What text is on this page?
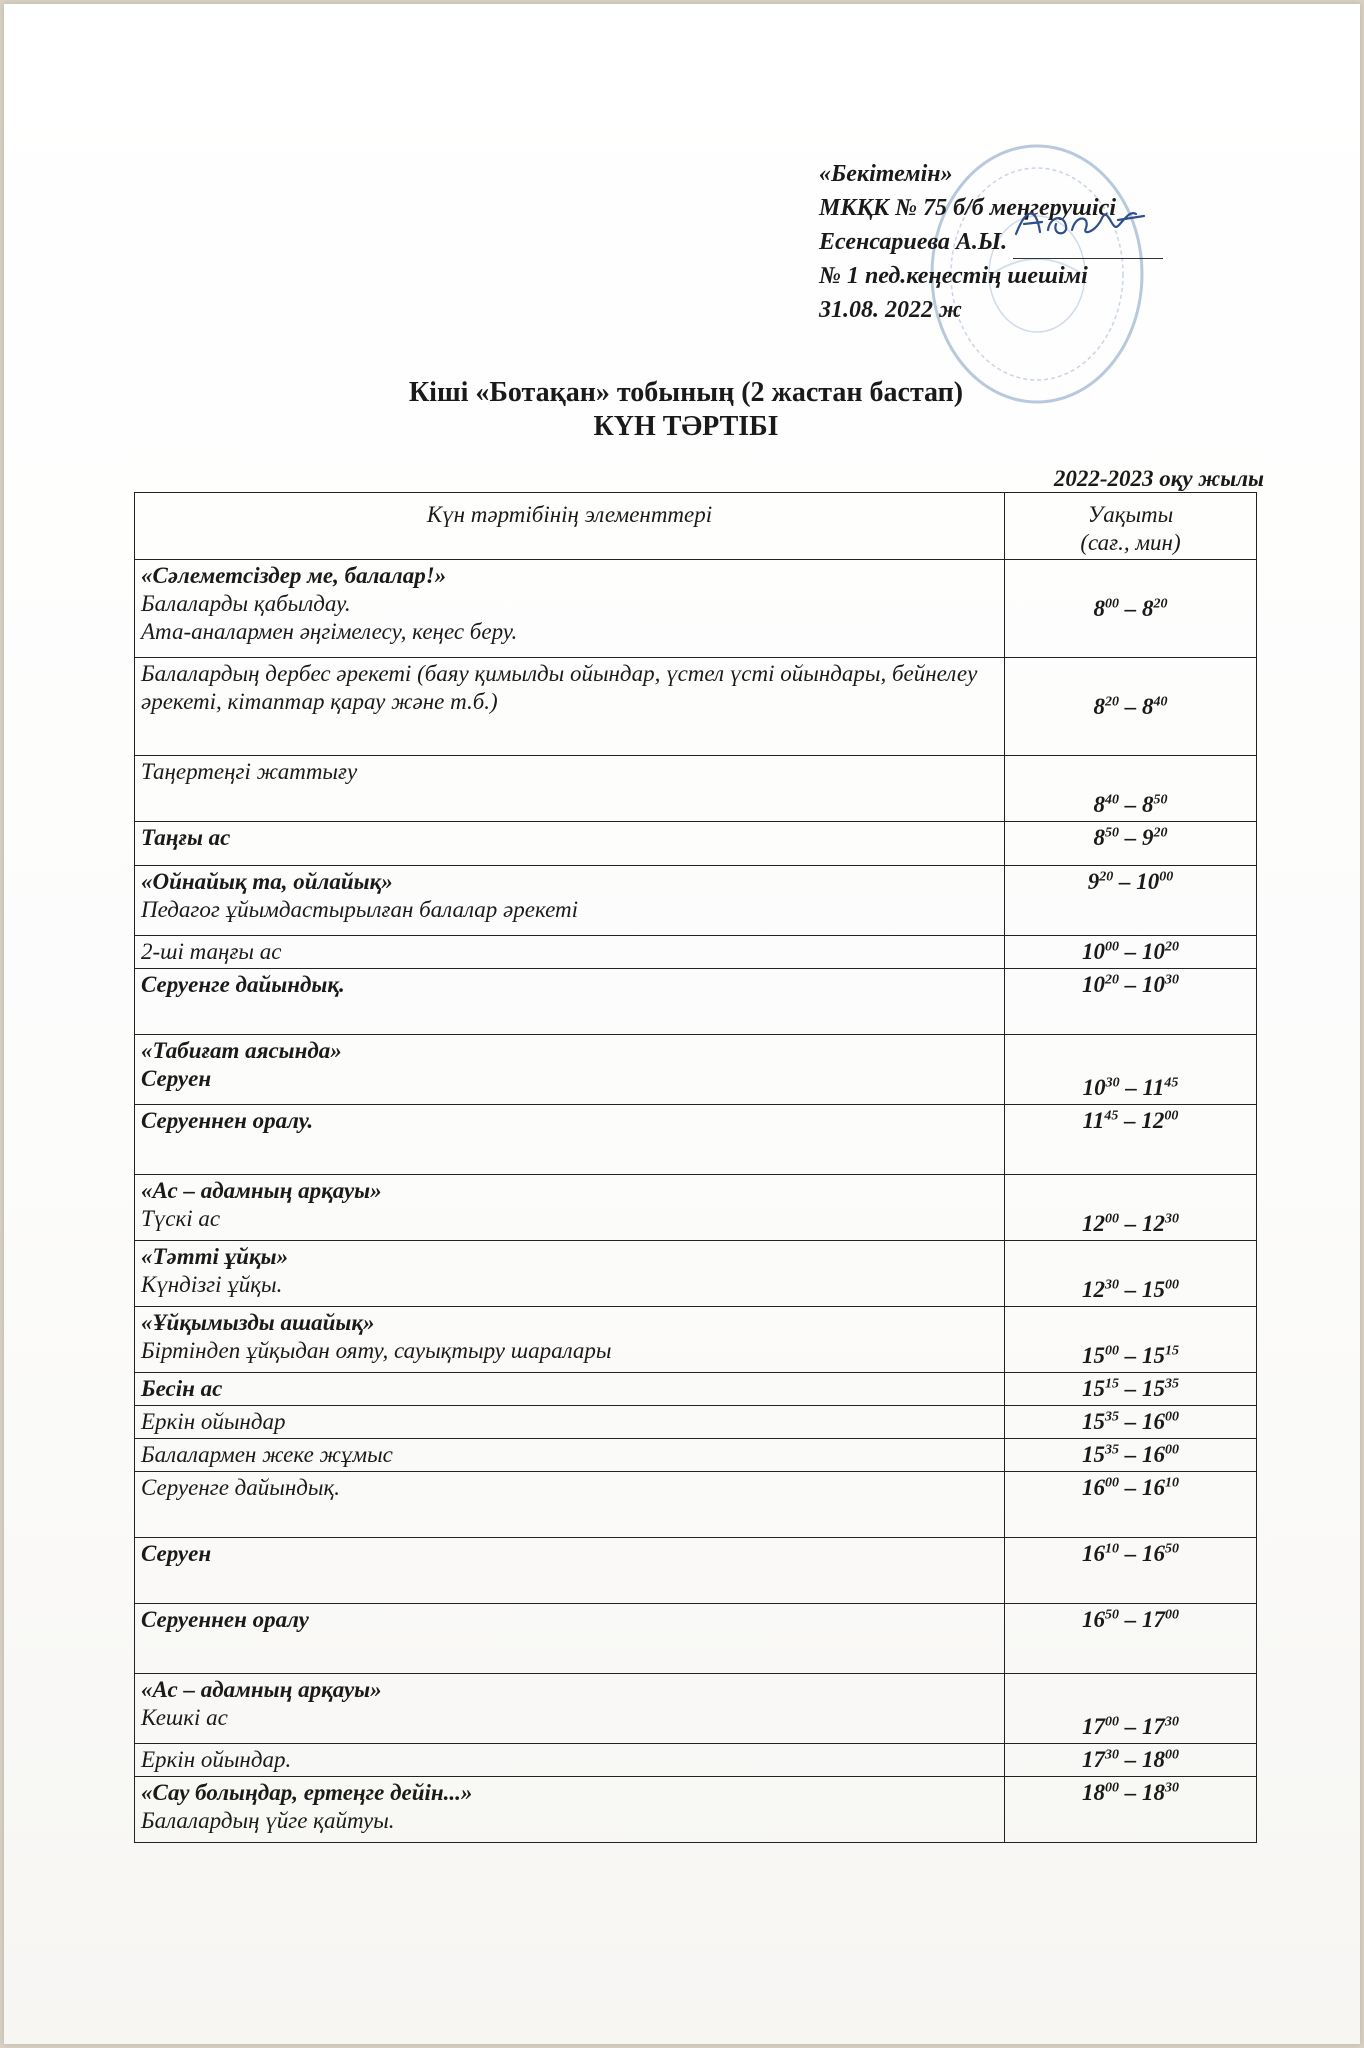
«Бекітемін»
МКҚК № 75 б/б меңгерушісі
Есенсариева А.Ы.
№ 1 пед.кеңестің шешімі
31.08. 2022 ж
Кіші «Ботақан» тобының (2 жастан бастап)
КҮН ТӘРТІБІ
2022-2023 оқу жылы
Күн тәртібінің элементтері	Уақыты
(сағ., мин)

«Сәлеметсіздер ме, балалар!»
Балаларды қабылдау.
Ата-аналармен әңгімелесу, кеңес беру.	$8^{00} - 8^{20}$

Балалардың дербес әрекеті (баяу қимылды ойындар, үстел үсті ойындары, бейнелеу әрекеті, кітаптар қарау және т.б.)	$8^{20} - 8^{40}$

Таңертеңгі жаттығу	$8^{40} - 8^{50}$

Таңғы ас	$8^{50} - 9^{20}$

«Ойнайық та, ойлайық»
Педагог ұйымдастырылған балалар әрекеті	$9^{20} - 10^{00}$

2-ші таңғы ас	$10^{00} - 10^{20}$

Серуенге дайындық.	$10^{20} - 10^{30}$

«Табиғат аясында»
Серуен	$10^{30} - 11^{45}$

Серуеннен оралу.	$11^{45} - 12^{00}$

«Ас – адамның арқауы»
Түскі ас	$12^{00} - 12^{30}$

«Тәтті ұйқы»
Күндізгі ұйқы.	$12^{30} - 15^{00}$

«Ұйқымызды ашайық»
Біртіндеп ұйқыдан ояту, сауықтыру шаралары	$15^{00} - 15^{15}$

Бесін ас	$15^{15} - 15^{35}$

Еркін ойындар	$15^{35} - 16^{00}$

Балалармен жеке жұмыс	$15^{35} - 16^{00}$

Серуенге дайындық.	$16^{00} - 16^{10}$

Серуен	$16^{10} - 16^{50}$

Серуеннен оралу	$16^{50} - 17^{00}$

«Ас – адамның арқауы»
Кешкі ас	$17^{00} - 17^{30}$

Еркін ойындар.	$17^{30} - 18^{00}$

«Сау болыңдар, ертеңге дейін...»
Балалардың үйге қайтуы.	$18^{00} - 18^{30}$
